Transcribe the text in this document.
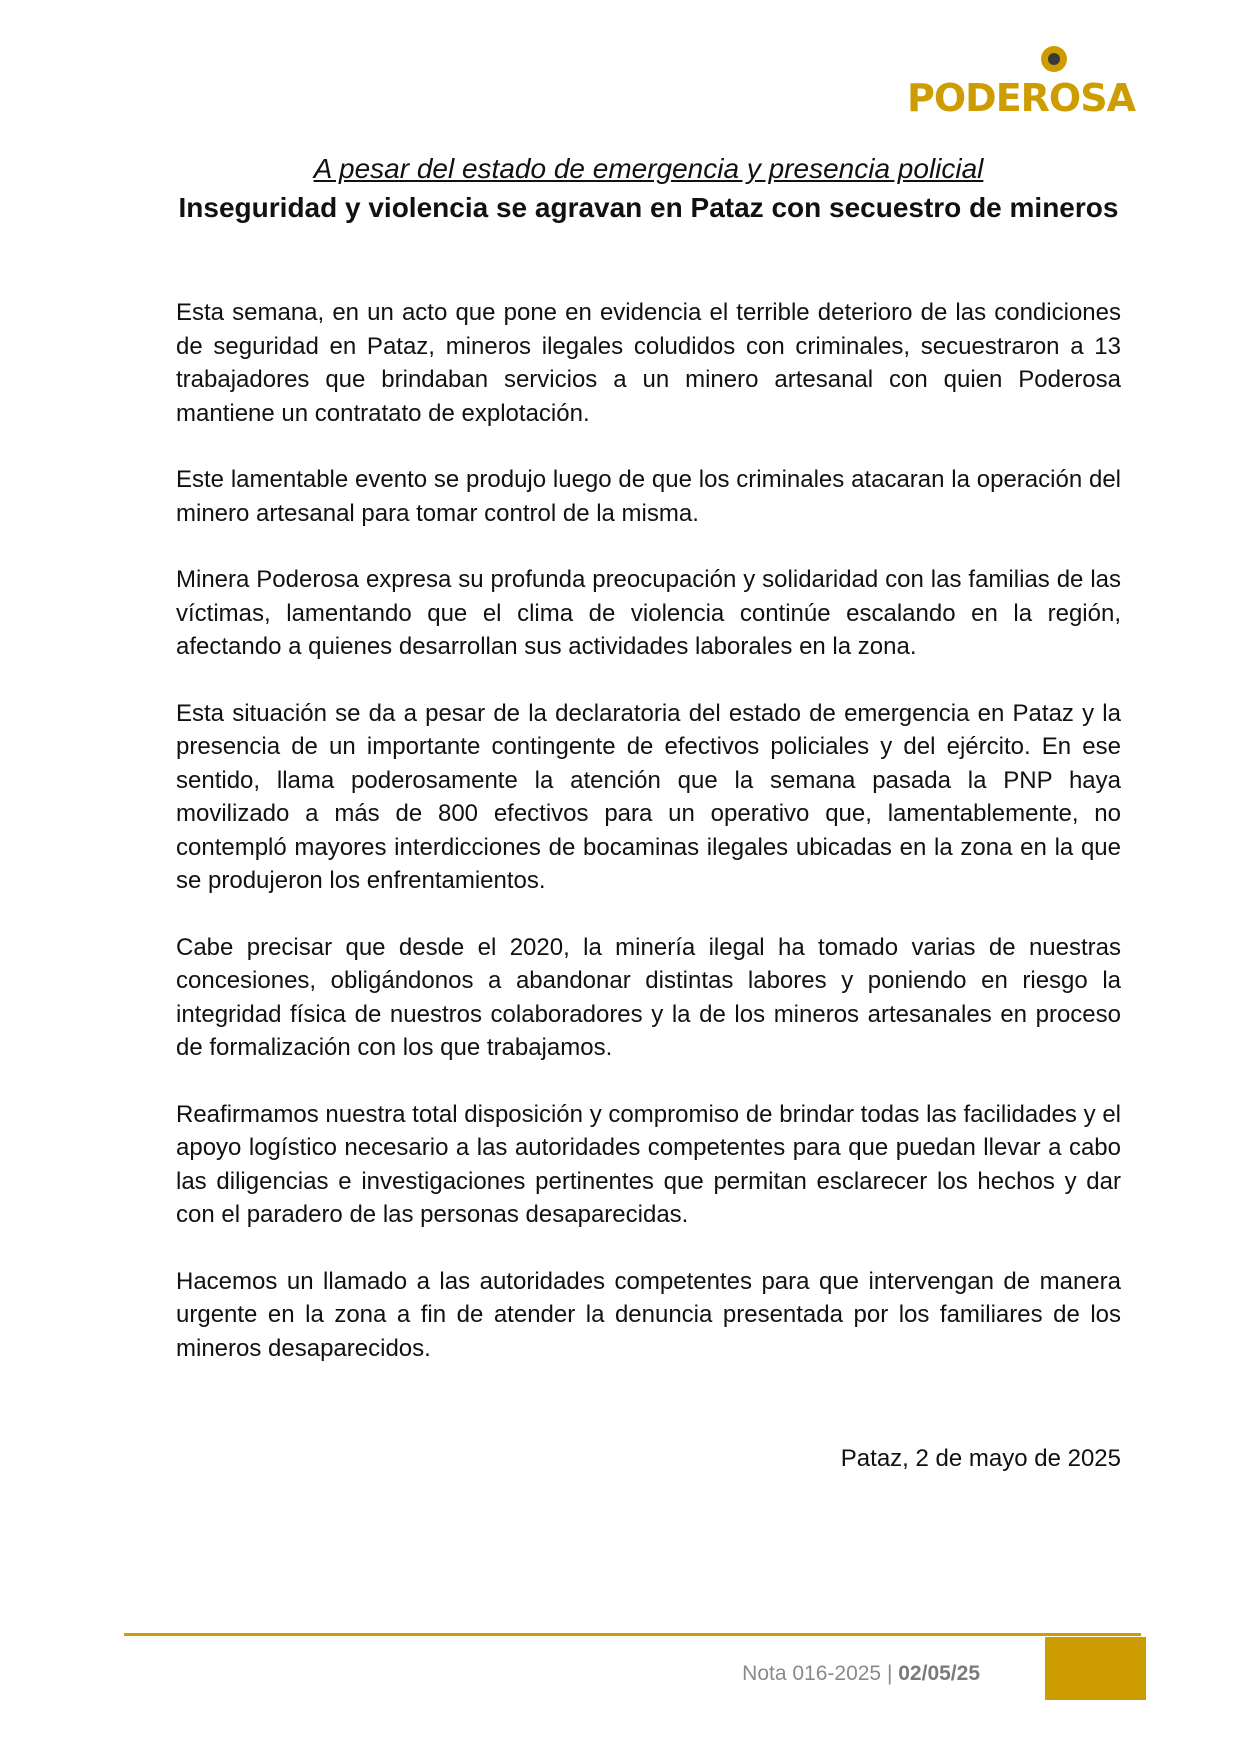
PODEROSA
A pesar del estado de emergencia y presencia policial
Inseguridad y violencia se agravan en Pataz con secuestro de mineros

Esta semana, en un acto que pone en evidencia el terrible deterioro de las condiciones de seguridad en Pataz, mineros ilegales coludidos con criminales, secuestraron a 13 trabajadores que brindaban servicios a un minero artesanal con quien Poderosa mantiene un contratato de explotación.

Este lamentable evento se produjo luego de que los criminales atacaran la operación del minero artesanal para tomar control de la misma.

Minera Poderosa expresa su profunda preocupación y solidaridad con las familias de las víctimas, lamentando que el clima de violencia continúe escalando en la región, afectando a quienes desarrollan sus actividades laborales en la zona.

Esta situación se da a pesar de la declaratoria del estado de emergencia en Pataz y la presencia de un importante contingente de efectivos policiales y del ejército. En ese sentido, llama poderosamente la atención que la semana pasada la PNP haya movilizado a más de 800 efectivos para un operativo que, lamentablemente, no contempló mayores interdicciones de bocaminas ilegales ubicadas en la zona en la que se produjeron los enfrentamientos.

Cabe precisar que desde el 2020, la minería ilegal ha tomado varias de nuestras concesiones, obligándonos a abandonar distintas labores y poniendo en riesgo la integridad física de nuestros colaboradores y la de los mineros artesanales en proceso de formalización con los que trabajamos.

Reafirmamos nuestra total disposición y compromiso de brindar todas las facilidades y el apoyo logístico necesario a las autoridades competentes para que puedan llevar a cabo las diligencias e investigaciones pertinentes que permitan esclarecer los hechos y dar con el paradero de las personas desaparecidas.

Hacemos un llamado a las autoridades competentes para que intervengan de manera urgente en la zona a fin de atender la denuncia presentada por los familiares de los mineros desaparecidos.

Pataz, 2 de mayo de 2025
Nota 016-2025 | 02/05/25
